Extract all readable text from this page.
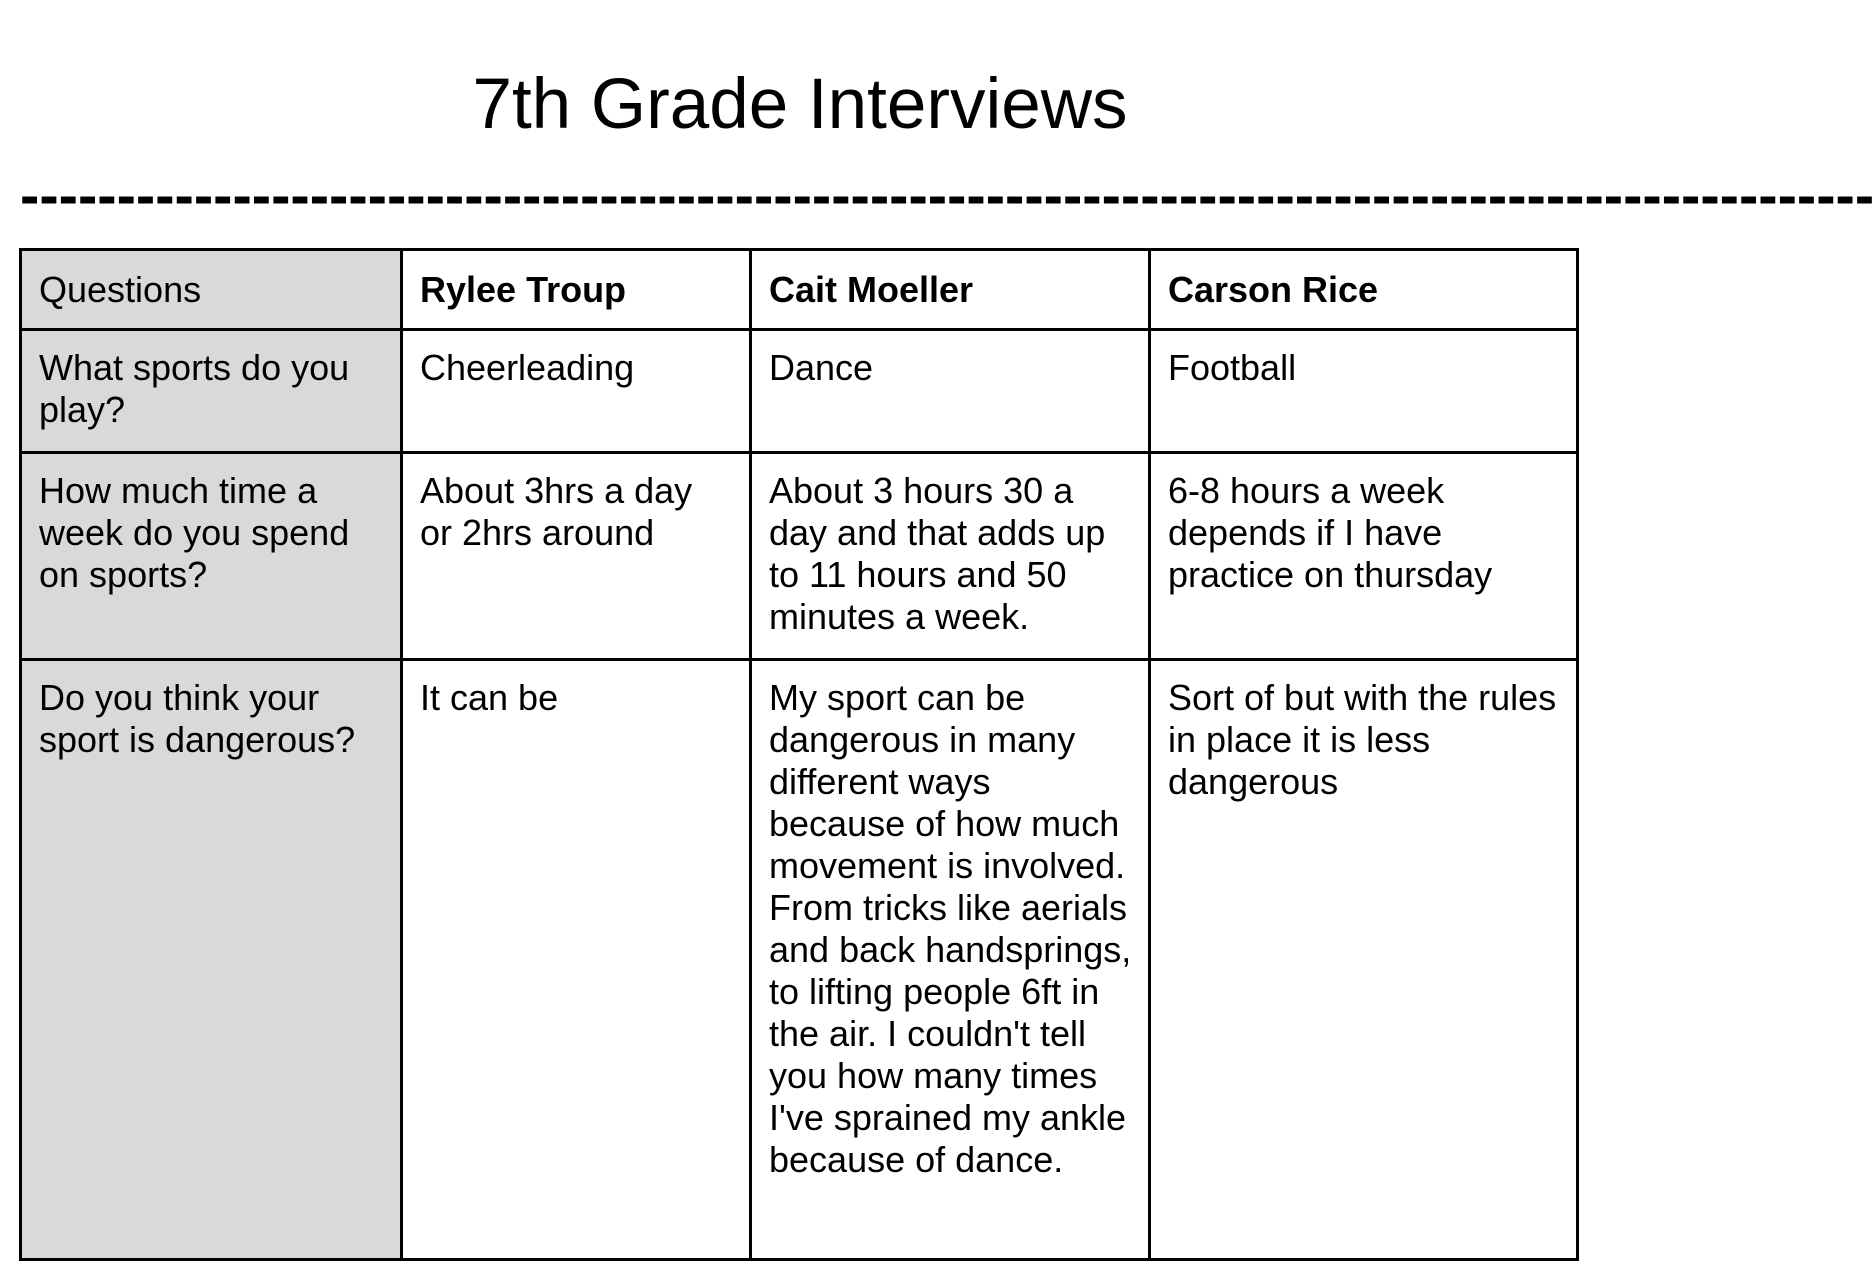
7th Grade Interviews
------------------------------------------------------------------------------------------------
Questions	Rylee Troup	Cait Moeller	Carson Rice
What sports do you play?	Cheerleading	Dance	Football
How much time a week do you spend on sports?	About 3hrs a day or 2hrs around	About 3 hours 30 a day and that adds up to 11 hours and 50 minutes a week.	6-8 hours a week depends if I have practice on thursday
Do you think your sport is dangerous?	It can be	My sport can be dangerous in many different ways because of how much movement is involved. From tricks like aerials and back handsprings, to lifting people 6ft in the air. I couldn't tell you how many times I've sprained my ankle because of dance.	Sort of but with the rules in place it is less dangerous
